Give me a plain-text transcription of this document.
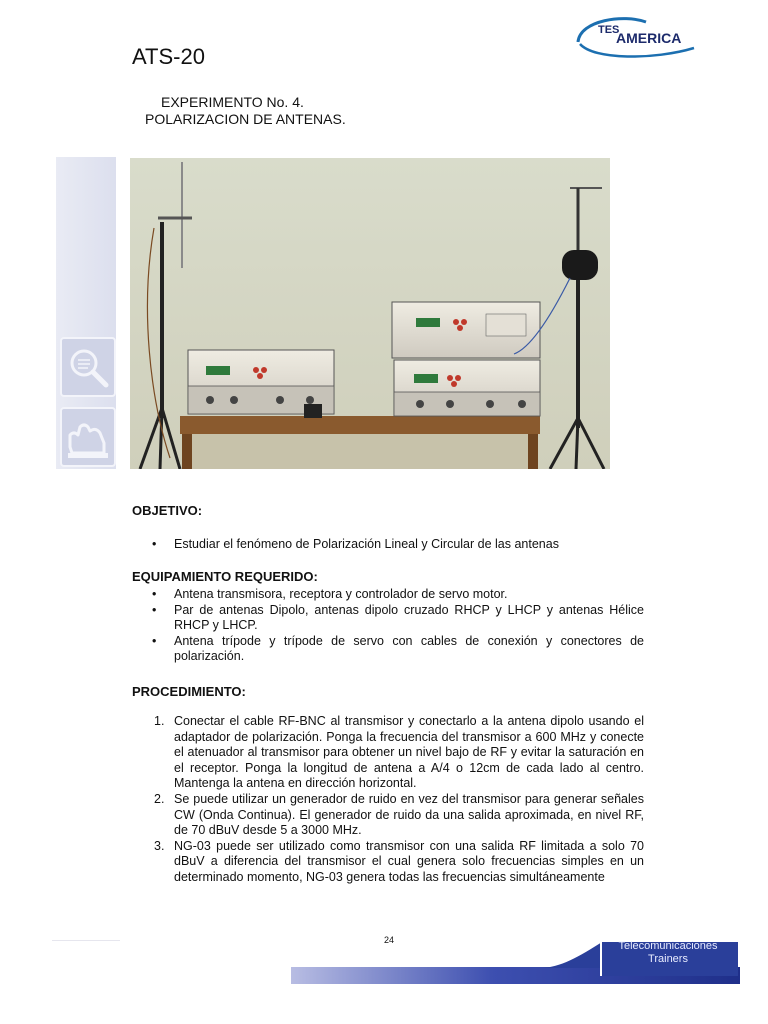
ATS-20
EXPERIMENTO No. 4.
POLARIZACION DE ANTENAS.
TES
AMERICA
OBJETIVO:
• Estudiar el fenómeno de Polarización Lineal y Circular de las antenas
EQUIPAMIENTO REQUERIDO:
• Antena transmisora, receptora y controlador de servo motor.
• Par de antenas Dipolo, antenas dipolo cruzado RHCP y LHCP y antenas Hélice RHCP y LHCP.
• Antena trípode y trípode de servo con cables de conexión y conectores de polarización.
PROCEDIMIENTO:
1. Conectar el cable RF-BNC al transmisor y conectarlo a la antena dipolo usando el adaptador de polarización. Ponga la frecuencia del transmisor a 600 MHz y conecte el atenuador al transmisor para obtener un nivel bajo de RF y evitar la saturación en el receptor. Ponga la longitud de antena a A/4 o 12cm de cada lado al centro. Mantenga la antena en dirección horizontal.
2. Se puede utilizar un generador de ruido en vez del transmisor para generar señales CW (Onda Continua). El generador de ruido da una salida aproximada, en nivel RF, de 70 dBuV desde 5 a 3000 MHz.
3. NG-03 puede ser utilizado como transmisor con una salida RF limitada a solo 70 dBuV a diferencia del transmisor el cual genera solo frecuencias simples en un determinado momento, NG-03 genera todas las frecuencias simultáneamente
24	Telecomunicaciones
Trainers
